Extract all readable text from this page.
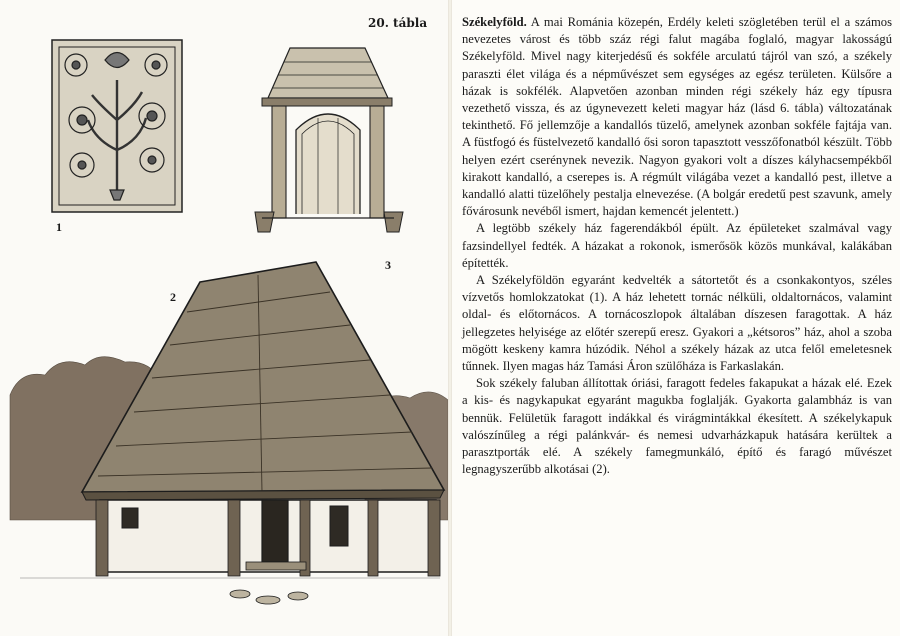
20. tábla
1
2
3

Székelyföld. A mai Románia közepén, Erdély keleti szögletében terül el a számos nevezetes várost és több száz régi falut magába foglaló, magyar lakosságú Székelyföld. Mivel nagy kiterjedésű és sokféle arculatú tájról van szó, a székely paraszti élet világa és a népművészet sem egységes az egész területen. Külsőre a házak is sokfélék. Alapvetően azonban minden régi székely ház egy típusra vezethető vissza, és az úgynevezett keleti magyar ház (lásd 6. tábla) változatának tekinthető. Fő jellemzője a kandallós tüzelő, amelynek azonban sokféle fajtája van. A füstfogó és füstelvezető kandalló ősi soron tapasztott vesszőfonatból készült. Több helyen ezért cserénynek nevezik. Nagyon gyakori volt a díszes kályhacsempékből kirakott kandalló, a cserepes is. A régmúlt világába vezet a kandalló pest, illetve a kandalló alatti tüzelőhely pestalja elnevezése. (A bolgár eredetű pest szavunk, amely fővárosunk nevéből ismert, hajdan kemencét jelentett.)

A legtöbb székely ház fagerendákból épült. Az épületeket szalmával vagy fazsindellyel fedték. A házakat a rokonok, ismerősök közös munkával, kalákában építették.

A Székelyföldön egyaránt kedvelték a sátortetőt és a csonkakontyos, széles vízvetős homlokzatokat (1). A ház lehetett tornác nélküli, oldaltornácos, valamint oldal- és előtornácos. A tornácoszlopok általában díszesen faragottak. A ház jellegzetes helyisége az előtér szerepű eresz. Gyakori a „kétsoros” ház, ahol a szoba mögött keskeny kamra húzódik. Néhol a székely házak az utca felől emeletesnek tűnnek. Ilyen magas ház Tamási Áron szülőháza is Farkaslakán.

Sok székely faluban állítottak óriási, faragott fedeles fakapukat a házak elé. Ezek a kis- és nagykapukat egyaránt magukba foglalják. Gyakorta galambház is van bennük. Felületük faragott indákkal és virágmintákkal ékesített. A székelykapuk valószínűleg a régi palánkvár- és nemesi udvarházkapuk hatására kerültek a parasztporták elé. A székely famegmunkáló, építő és faragó művészet legnagyszerűbb alkotásai (2).
